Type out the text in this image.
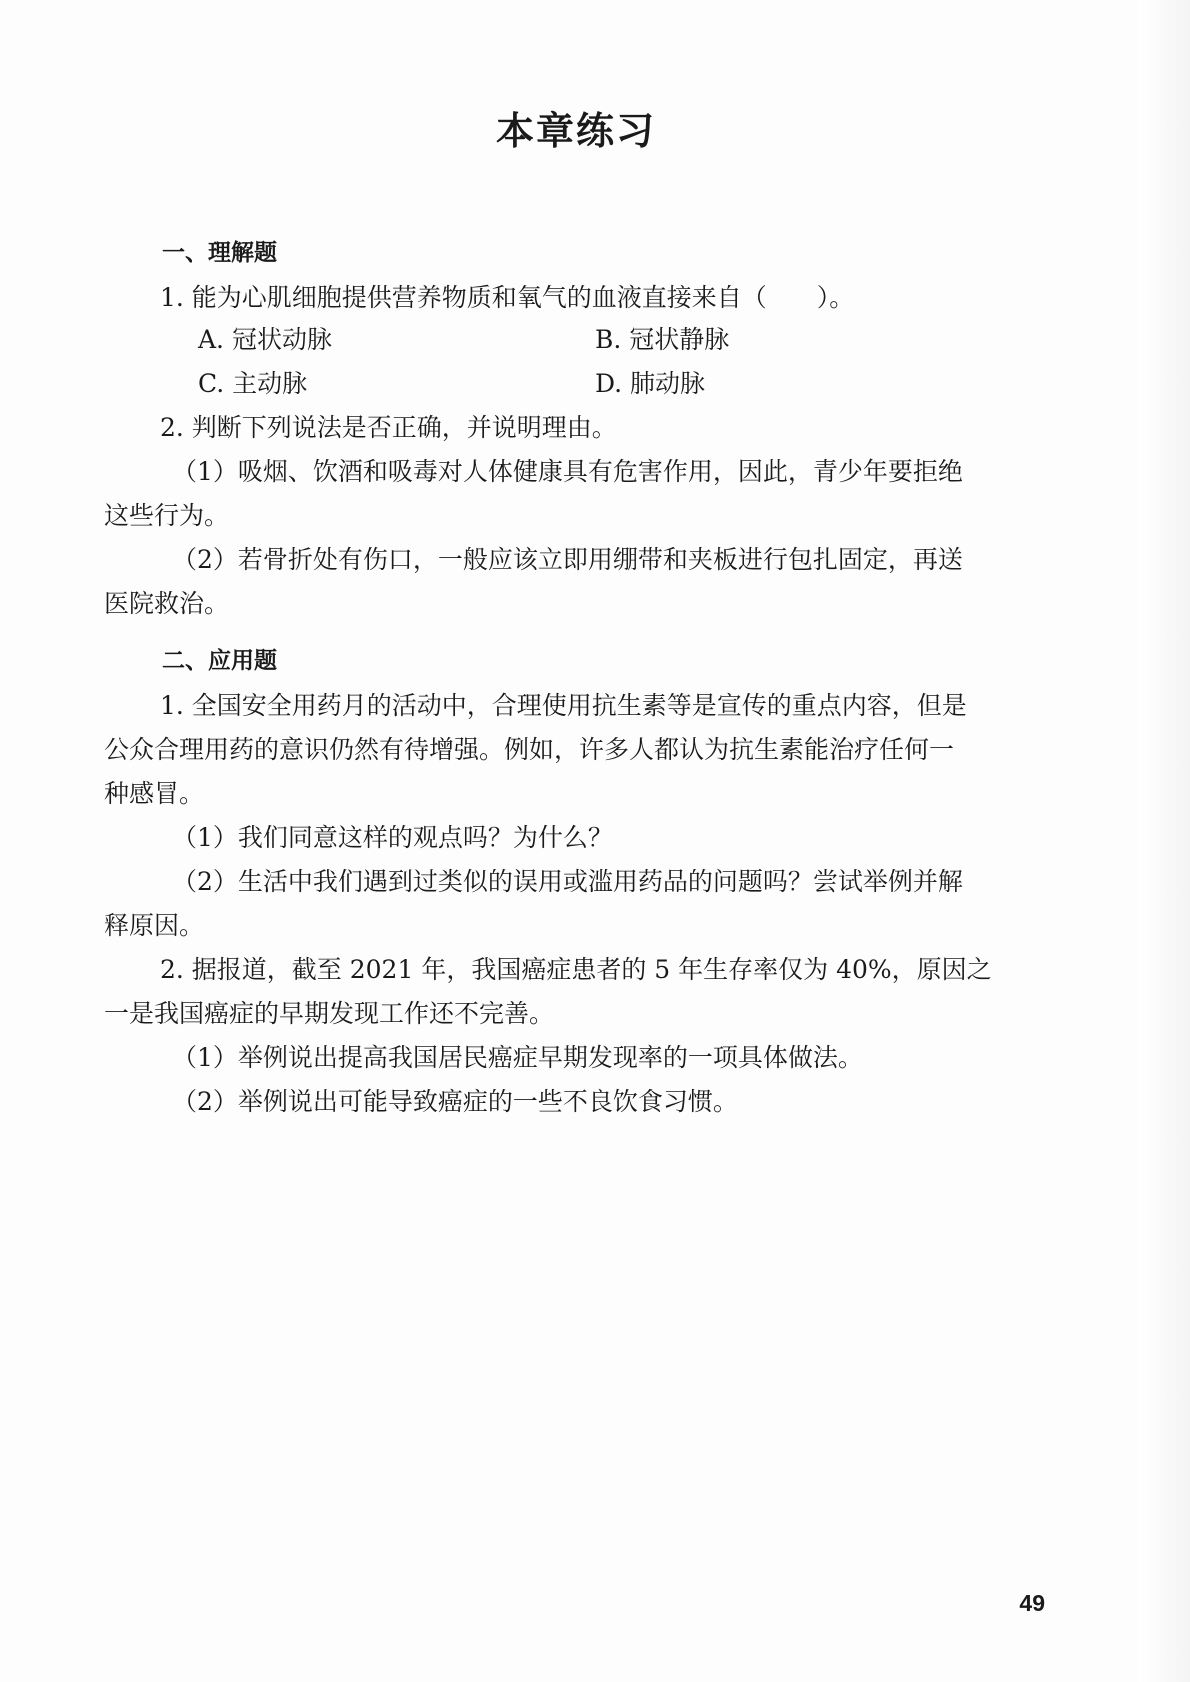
本章练习
一、理解题
1. 能为心肌细胞提供营养物质和氧气的血液直接来自（　　）。
A. 冠状动脉	B. 冠状静脉
C. 主动脉	D. 肺动脉
2. 判断下列说法是否正确，并说明理由。
（1）吸烟、饮酒和吸毒对人体健康具有危害作用，因此，青少年要拒绝
这些行为。
（2）若骨折处有伤口，一般应该立即用绷带和夹板进行包扎固定，再送
医院救治。
二、应用题
1. 全国安全用药月的活动中，合理使用抗生素等是宣传的重点内容，但是
公众合理用药的意识仍然有待增强。例如，许多人都认为抗生素能治疗任何一
种感冒。
（1）我们同意这样的观点吗？为什么？
（2）生活中我们遇到过类似的误用或滥用药品的问题吗？尝试举例并解
释原因。
2. 据报道，截至 2021 年，我国癌症患者的 5 年生存率仅为 40%，原因之
一是我国癌症的早期发现工作还不完善。
（1）举例说出提高我国居民癌症早期发现率的一项具体做法。
（2）举例说出可能导致癌症的一些不良饮食习惯。
49
